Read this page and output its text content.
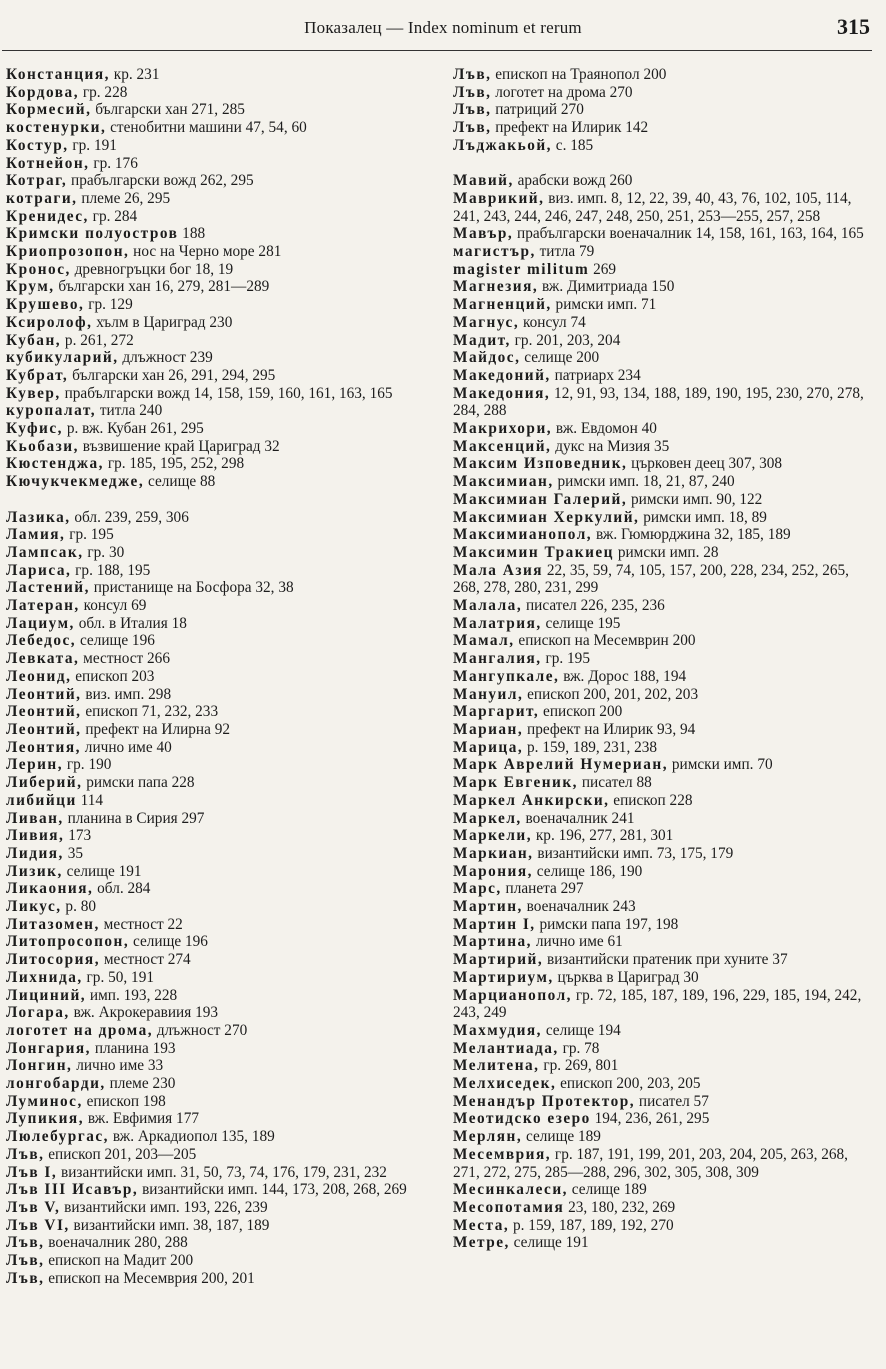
Показалец — Index nominum et rerum	315

Констанция, кр. 231

Кордова, гр. 228

Кормесий, български хан 271, 285

костенурки, стенобитни машини 47, 54, 60

Костур, гр. 191

Котнейон, гр. 176

Котраг, прабългарски вожд 262, 295

котраги, племе 26, 295

Кренидес, гр. 284

Кримски полуостров 188

Криопрозопон, нос на Черно море 281

Кронос, древногръцки бог 18, 19

Крум, български хан 16, 279, 281—289

Крушево, гр. 129

Ксиролоф, хълм в Цариград 230

Кубан, р. 261, 272

кубикуларий, длъжност 239

Кубрат, български хан 26, 291, 294, 295

Кувер, прабългарски вожд 14, 158, 159, 160, 161, 163, 165

куропалат, титла 240

Куфис, р. вж. Кубан 261, 295

Кьобази, възвишение край Цариград 32

Кюстенджа, гр. 185, 195, 252, 298

Кючукчекмедже, селище 88

Лазика, обл. 239, 259, 306

Ламия, гр. 195

Лампсак, гр. 30

Лариса, гр. 188, 195

Ластений, пристанище на Босфора 32, 38

Латеран, консул 69

Лациум, обл. в Италия 18

Лебедос, селище 196

Левката, местност 266

Леонид, епископ 203

Леонтий, виз. имп. 298

Леонтий, епископ 71, 232, 233

Леонтий, префект на Илирна 92

Леонтия, лично име 40

Лерин, гр. 190

Либерий, римски папа 228

либийци 114

Ливан, планина в Сирия 297

Ливия, 173

Лидия, 35

Лизик, селище 191

Ликаония, обл. 284

Ликус, р. 80

Литазомен, местност 22

Литопросопон, селище 196

Литосория, местност 274

Лихнида, гр. 50, 191

Лициний, имп. 193, 228

Логара, вж. Акрокеравиия 193

логотет на дрома, длъжност 270

Лонгария, планина 193

Лонгин, лично име 33

лонгобарди, племе 230

Луминос, епископ 198

Лупикия, вж. Евфимия 177

Люлебургас, вж. Аркадиопол 135, 189

Лъв, епископ 201, 203—205

Лъв I, византийски имп. 31, 50, 73, 74, 176, 179, 231, 232

Лъв III Исавър, византийски имп. 144, 173, 208, 268, 269

Лъв V, византийски имп. 193, 226, 239

Лъв VI, византийски имп. 38, 187, 189

Лъв, военачалник 280, 288

Лъв, епископ на Мадит 200

Лъв, епископ на Месемврия 200, 201

Лъв, епископ на Траянопол 200

Лъв, логотет на дрома 270

Лъв, патриций 270

Лъв, префект на Илирик 142

Лъджакьой, с. 185

Мавий, арабски вожд 260

Маврикий, виз. имп. 8, 12, 22, 39, 40, 43, 76, 102, 105, 114, 241, 243, 244, 246, 247, 248, 250, 251, 253—255, 257, 258

Мавър, прабългарски военачалник 14, 158, 161, 163, 164, 165

магистър, титла 79

magister militum 269

Магнезия, вж. Димитриада 150

Магненций, римски имп. 71

Магнус, консул 74

Мадит, гр. 201, 203, 204

Майдос, селище 200

Македоний, патриарх 234

Македония, 12, 91, 93, 134, 188, 189, 190, 195, 230, 270, 278, 284, 288

Макрихори, вж. Евдомон 40

Максенций, дукс на Мизия 35

Максим Изповедник, църковен деец 307, 308

Максимиан, римски имп. 18, 21, 87, 240

Максимиан Галерий, римски имп. 90, 122

Максимиан Херкулий, римски имп. 18, 89

Максимианопол, вж. Гюмюрджина 32, 185, 189

Максимин Тракиец римски имп. 28

Мала Азия 22, 35, 59, 74, 105, 157, 200, 228, 234, 252, 265, 268, 278, 280, 231, 299

Малала, писател 226, 235, 236

Малатрия, селище 195

Мамал, епископ на Месемврин 200

Мангалия, гр. 195

Мангупкале, вж. Дорос 188, 194

Мануил, епископ 200, 201, 202, 203

Маргарит, епископ 200

Мариан, префект на Илирик 93, 94

Марица, р. 159, 189, 231, 238

Марк Аврелий Нумериан, римски имп. 70

Марк Евгеник, писател 88

Маркел Анкирски, епископ 228

Маркел, военачалник 241

Маркели, кр. 196, 277, 281, 301

Маркиан, византийски имп. 73, 175, 179

Марония, селище 186, 190

Марс, планета 297

Мартин, военачалник 243

Мартин I, римски папа 197, 198

Мартина, лично име 61

Мартирий, византийски пратеник при хуните 37

Мартириум, църква в Цариград 30

Марцианопол, гр. 72, 185, 187, 189, 196, 229, 185, 194, 242, 243, 249

Махмудия, селище 194

Мелантиада, гр. 78

Мелитена, гр. 269, 801

Мелхиседек, епископ 200, 203, 205

Менандър Протектор, писател 57

Меотидско езеро 194, 236, 261, 295

Мерлян, селище 189

Месемврия, гр. 187, 191, 199, 201, 203, 204, 205, 263, 268, 271, 272, 275, 285—288, 296, 302, 305, 308, 309

Месинкалеси, селище 189

Месопотамия 23, 180, 232, 269

Места, р. 159, 187, 189, 192, 270

Метре, селище 191
